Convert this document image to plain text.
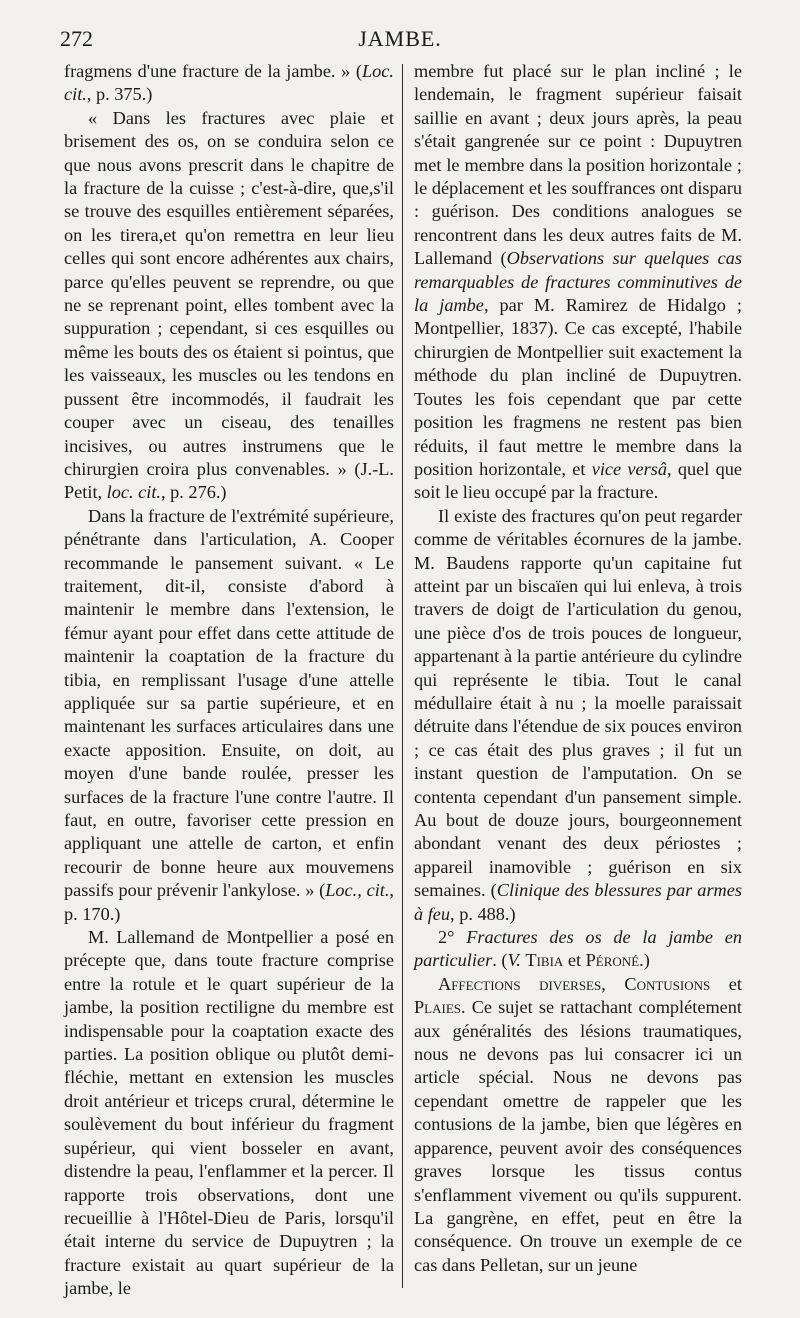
272	JAMBE.

fragmens d'une fracture de la jambe. » (Loc. cit., p. 375.)

« Dans les fractures avec plaie et brisement des os, on se conduira selon ce que nous avons prescrit dans le chapitre de la fracture de la cuisse ; c'est-à-dire, que,s'il se trouve des esquilles entièrement séparées, on les tirera,et qu'on remettra en leur lieu celles qui sont encore adhérentes aux chairs, parce qu'elles peuvent se reprendre, ou que ne se reprenant point, elles tombent avec la suppuration ; cependant, si ces esquilles ou même les bouts des os étaient si pointus, que les vaisseaux, les muscles ou les tendons en pussent être incommodés, il faudrait les couper avec un ciseau, des tenailles incisives, ou autres instrumens que le chirurgien croira plus convenables. » (J.-L. Petit, loc. cit., p. 276.)

Dans la fracture de l'extrémité supérieure, pénétrante dans l'articulation, A. Cooper recommande le pansement suivant. « Le traitement, dit-il, consiste d'abord à maintenir le membre dans l'extension, le fémur ayant pour effet dans cette attitude de maintenir la coaptation de la fracture du tibia, en remplissant l'usage d'une attelle appliquée sur sa partie supérieure, et en maintenant les surfaces articulaires dans une exacte apposition. Ensuite, on doit, au moyen d'une bande roulée, presser les surfaces de la fracture l'une contre l'autre. Il faut, en outre, favoriser cette pression en appliquant une attelle de carton, et enfin recourir de bonne heure aux mouvemens passifs pour prévenir l'ankylose. » (Loc., cit., p. 170.)

M. Lallemand de Montpellier a posé en précepte que, dans toute fracture comprise entre la rotule et le quart supérieur de la jambe, la position rectiligne du membre est indispensable pour la coaptation exacte des parties. La position oblique ou plutôt demi-fléchie, mettant en extension les muscles droit antérieur et triceps crural, détermine le soulèvement du bout inférieur du fragment supérieur, qui vient bosseler en avant, distendre la peau, l'enflammer et la percer. Il rapporte trois observations, dont une recueillie à l'Hôtel-Dieu de Paris, lorsqu'il était interne du service de Dupuytren ; la fracture existait au quart supérieur de la jambe, le

membre fut placé sur le plan incliné ; le lendemain, le fragment supérieur faisait saillie en avant ; deux jours après, la peau s'était gangrenée sur ce point : Dupuytren met le membre dans la position horizontale ; le déplacement et les souffrances ont disparu : guérison. Des conditions analogues se rencontrent dans les deux autres faits de M. Lallemand (Observations sur quelques cas remarquables de fractures comminutives de la jambe, par M. Ramirez de Hidalgo ; Montpellier, 1837). Ce cas excepté, l'habile chirurgien de Montpellier suit exactement la méthode du plan incliné de Dupuytren. Toutes les fois cependant que par cette position les fragmens ne restent pas bien réduits, il faut mettre le membre dans la position horizontale, et vice versâ, quel que soit le lieu occupé par la fracture.

Il existe des fractures qu'on peut regarder comme de véritables écornures de la jambe. M. Baudens rapporte qu'un capitaine fut atteint par un biscaïen qui lui enleva, à trois travers de doigt de l'articulation du genou, une pièce d'os de trois pouces de longueur, appartenant à la partie antérieure du cylindre qui représente le tibia. Tout le canal médullaire était à nu ; la moelle paraissait détruite dans l'étendue de six pouces environ ; ce cas était des plus graves ; il fut un instant question de l'amputation. On se contenta cependant d'un pansement simple. Au bout de douze jours, bourgeonnement abondant venant des deux périostes ; appareil inamovible ; guérison en six semaines. (Clinique des blessures par armes à feu, p. 488.)

2° Fractures des os de la jambe en particulier. (V. Tibia et Péroné.)

Affections diverses, Contusions et Plaies. Ce sujet se rattachant complétement aux généralités des lésions traumatiques, nous ne devons pas lui consacrer ici un article spécial. Nous ne devons pas cependant omettre de rappeler que les contusions de la jambe, bien que légères en apparence, peuvent avoir des conséquences graves lorsque les tissus contus s'enflamment vivement ou qu'ils suppurent. La gangrène, en effet, peut en être la conséquence. On trouve un exemple de ce cas dans Pelletan, sur un jeune
